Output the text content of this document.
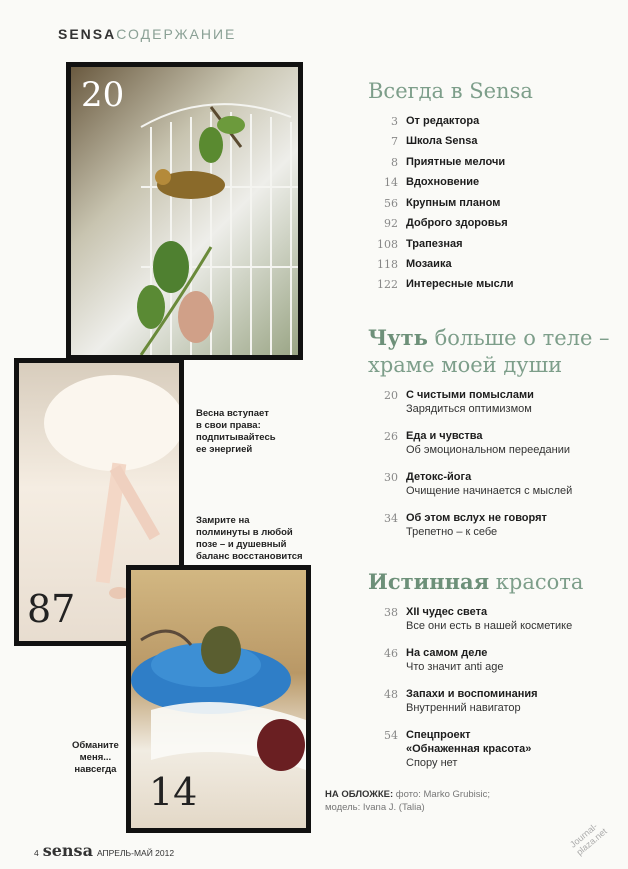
SENSAСОДЕРЖАНИЕ
20
87
14
Весна вступает
в свои права:
подпитывайтесь
ее энергией
Замрите на
полминуты в любой
позе – и душевный
баланс восстановится
Обманите
меня...
навсегда
Всегда в Sensa
3 От редактора
7 Школа Sensa
8 Приятные мелочи
14 Вдохновение
56 Крупным планом
92 Доброго здоровья
108 Трапезная
118 Мозаика
122 Интересные мысли
Чуть больше о теле –
храме моей души
20 С чистыми помыслами
Зарядиться оптимизмом
26 Еда и чувства
Об эмоциональном переедании
30 Детокс-йога
Очищение начинается с мыслей
34 Об этом вслух не говорят
Трепетно – к себе
Истинная красота
38 XII чудес света
Все они есть в нашей косметике
46 На самом деле
Что значит anti age
48 Запахи и воспоминания
Внутренний навигатор
54 Спецпроект
«Обнаженная красота»
Спору нет
НА ОБЛОЖКЕ: фото: Marko Grubisic;
модель: Ivana J. (Talia)
4 sensa АПРЕЛЬ-МАЙ 2012
Journal-plaza.net
